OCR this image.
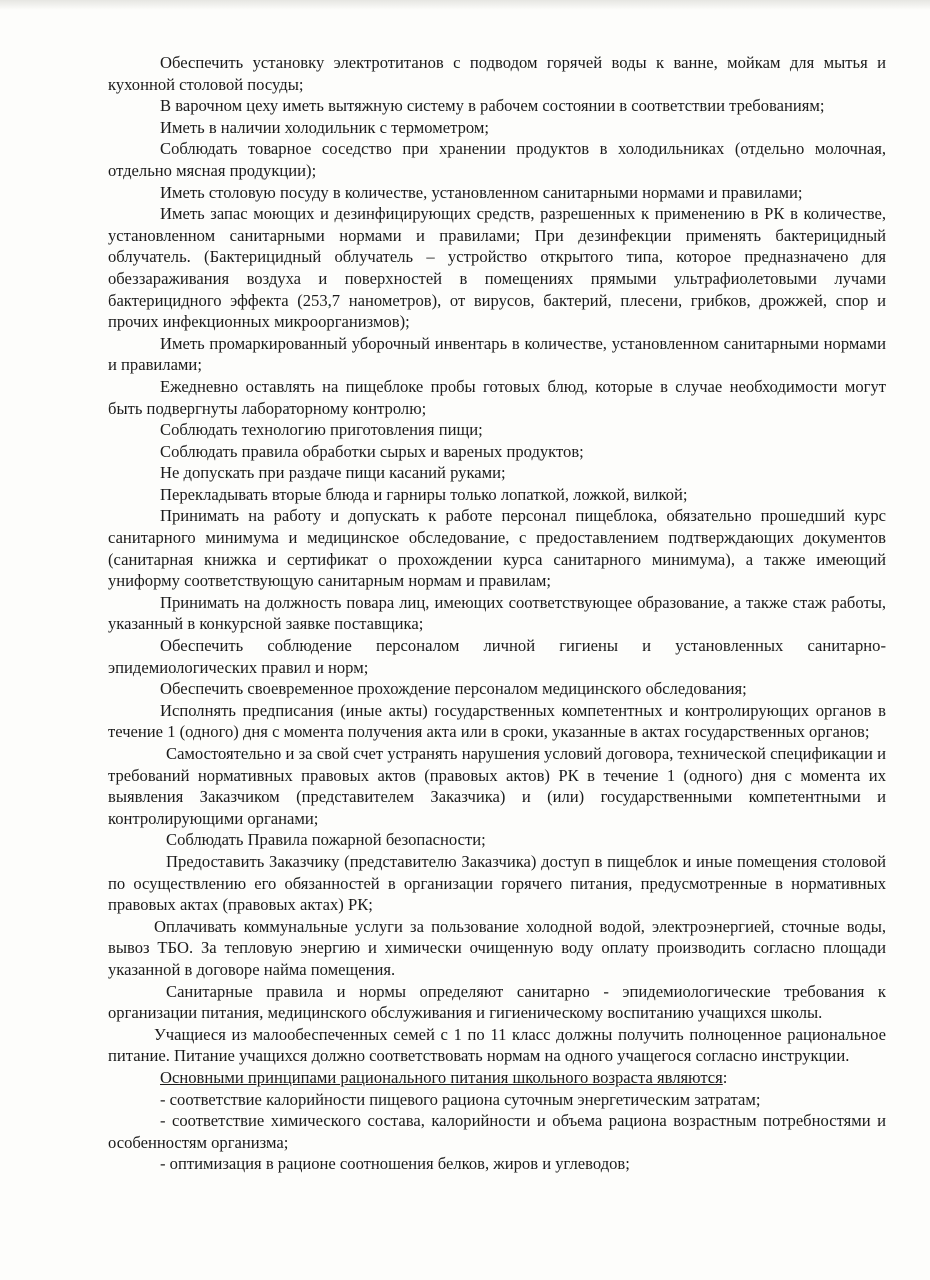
Обеспечить установку электротитанов с подводом горячей воды к ванне, мойкам для мытья и кухонной столовой посуды;

В варочном цеху иметь вытяжную систему в рабочем состоянии в соответствии требованиям;

Иметь в наличии холодильник с термометром;

Соблюдать товарное соседство при хранении продуктов в холодильниках (отдельно молочная, отдельно мясная продукции);

Иметь столовую посуду в количестве, установленном санитарными нормами и правилами;

Иметь запас моющих и дезинфицирующих средств, разрешенных к применению в РК в количестве, установленном санитарными нормами и правилами; При дезинфекции применять бактерицидный облучатель. (Бактерицидный облучатель – устройство открытого типа, которое предназначено для обеззараживания воздуха и поверхностей в помещениях прямыми ультрафиолетовыми лучами бактерицидного эффекта (253,7 нанометров), от вирусов, бактерий, плесени, грибков, дрожжей, спор и прочих инфекционных микроорганизмов);

Иметь промаркированный уборочный инвентарь в количестве, установленном санитарными нормами и правилами;

Ежедневно оставлять на пищеблоке пробы готовых блюд, которые в случае необходимости могут быть подвергнуты лабораторному контролю;

Соблюдать технологию приготовления пищи;

Соблюдать правила обработки сырых и вареных продуктов;

Не допускать при раздаче пищи касаний руками;

Перекладывать вторые блюда и гарниры только лопаткой, ложкой, вилкой;

Принимать на работу и допускать к работе персонал пищеблока, обязательно прошедший курс санитарного минимума и медицинское обследование, с предоставлением подтверждающих документов (санитарная книжка и сертификат о прохождении курса санитарного минимума), а также имеющий униформу соответствующую санитарным нормам и правилам;

Принимать на должность повара лиц, имеющих соответствующее образование, а также стаж работы, указанный в конкурсной заявке поставщика;

Обеспечить соблюдение персоналом личной гигиены и установленных санитарно-эпидемиологических правил и норм;

Обеспечить своевременное прохождение персоналом медицинского обследования;

Исполнять предписания (иные акты) государственных компетентных и контролирующих органов в течение 1 (одного) дня с момента получения акта или в сроки, указанные в актах государственных органов;

Самостоятельно и за свой счет устранять нарушения условий договора, технической спецификации и требований нормативных правовых актов (правовых актов) РК в течение 1 (одного) дня с момента их выявления Заказчиком (представителем Заказчика) и (или) государственными компетентными и контролирующими органами;

Соблюдать Правила пожарной безопасности;

Предоставить Заказчику (представителю Заказчика) доступ в пищеблок и иные помещения столовой по осуществлению его обязанностей в организации горячего питания, предусмотренные в нормативных правовых актах (правовых актах) РК;

Оплачивать коммунальные услуги за пользование холодной водой, электроэнергией, сточные воды, вывоз ТБО. За тепловую энергию и химически очищенную воду оплату производить согласно площади указанной в договоре найма помещения.

Санитарные правила и нормы определяют санитарно - эпидемиологические требования к организации питания, медицинского обслуживания и гигиеническому воспитанию учащихся школы.

Учащиеся из малообеспеченных семей с 1 по 11 класс должны получить полноценное рациональное питание. Питание учащихся должно соответствовать нормам на одного учащегося согласно инструкции.

Основными принципами рационального питания школьного возраста являются:

- соответствие калорийности пищевого рациона суточным энергетическим затратам;

- соответствие химического состава, калорийности и объема рациона возрастным потребностями и особенностям организма;

- оптимизация в рационе соотношения белков, жиров и углеводов;
